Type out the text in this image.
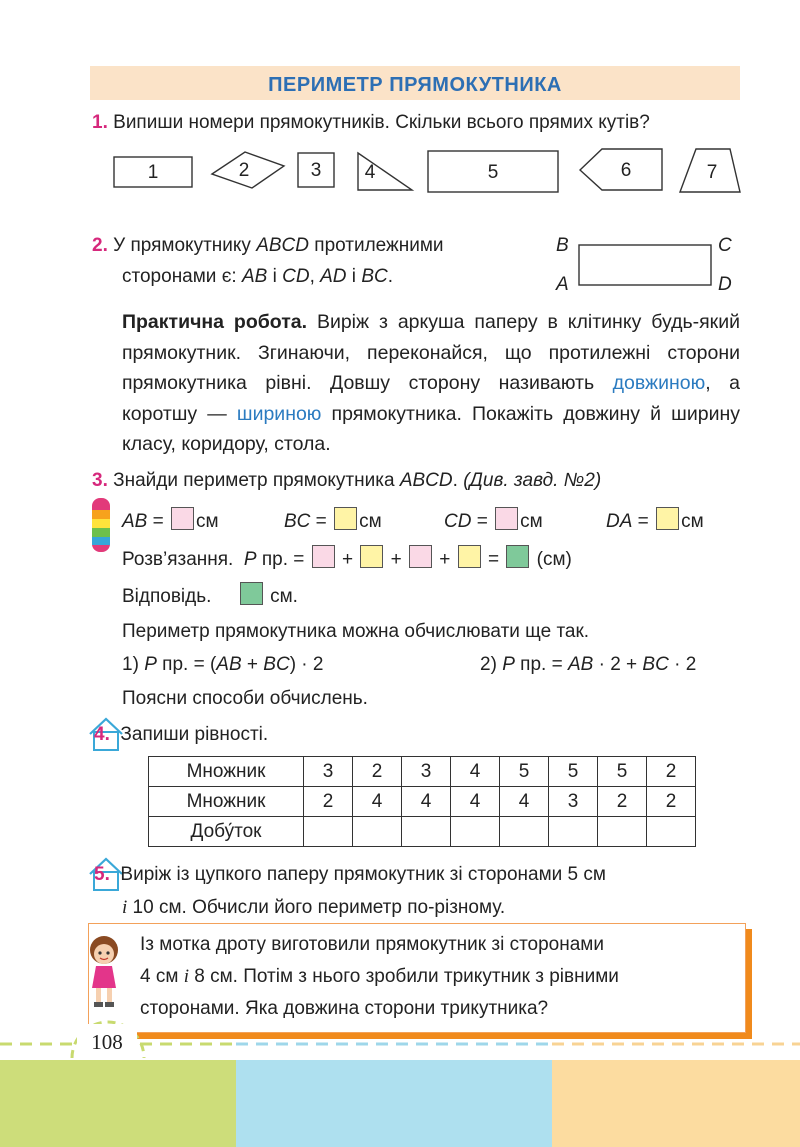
ПЕРИМЕТР ПРЯМОКУТНИКА
1. Випиши номери прямокутників. Скільки всього прямих кутів?
1	2	3	4	5	6	7
2. У прямокутнику ABCD протилежними
сторонами є: AB і CD, AD і BC.
B	C
A	D
Практична робота. Виріж з аркуша паперу в клітинку будь-який прямокутник. Згинаючи, переконайся, що протилежні сторони прямокутника рівні. Довшу сторону називають довжиною, а коротшу — шириною прямокутника. Покажіть довжину й ширину класу, коридору, стола.
3. Знайди периметр прямокутника ABCD. (Див. завд. №2)
AB = см	BC = см	CD = см	DA = см
Розв’язання. P пр. =  + + + = (см)
Відповідь.	см.
Периметр прямокутника можна обчислювати ще так.
1) P пр. = (AB + BC) · 2	2) P пр. = AB · 2 + BC · 2
Поясни способи обчислень.
4. Запиши рівності.
Множник	3	2	3	4	5	5	5	2
Множник	2	4	4	4	4	3	2	2
Добу́ток								
5. Виріж із цупкого паперу прямокутник зі сторонами 5 см
і 10 см. Обчисли його периметр по-різному.
Із мотка дроту виготовили прямокутник зі сторонами
4 см і 8 см. Потім з нього зробили трикутник з рівними
сторонами. Яка довжина сторони трикутника?
108
